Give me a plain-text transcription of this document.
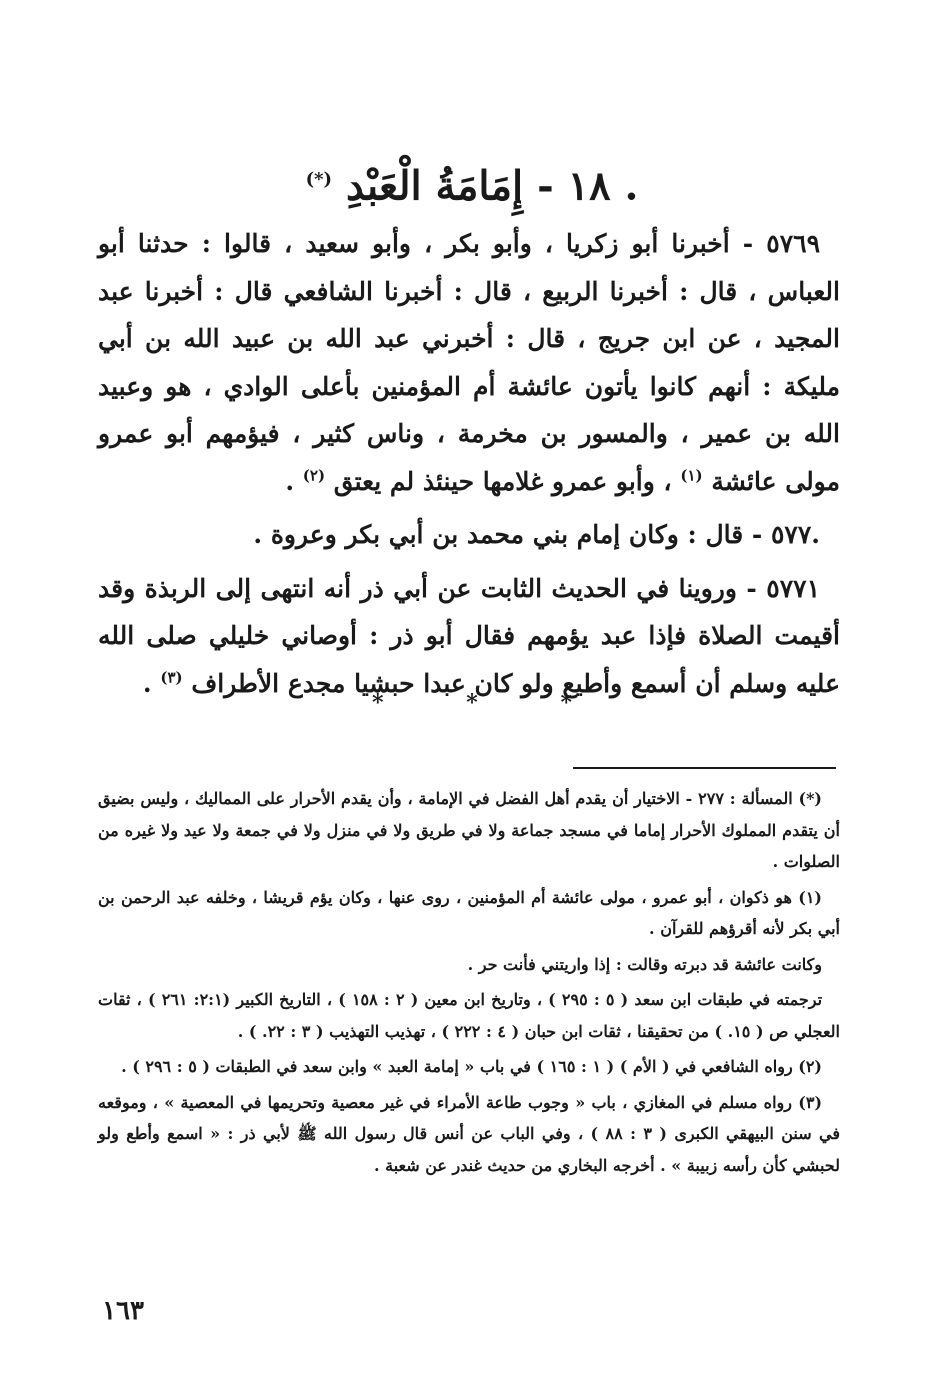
. ١٨ - إِمَامَةُ الْعَبْدِ (*)

٥٧٦٩ - أخبرنا أبو زكريا ، وأبو بكر ، وأبو سعيد ، قالوا : حدثنا أبو العباس ، قال : أخبرنا الربيع ، قال : أخبرنا الشافعي قال : أخبرنا عبد المجيد ، عن ابن جريج ، قال : أخبرني عبد الله بن عبيد الله بن أبي مليكة : أنهم كانوا يأتون عائشة أم المؤمنين بأعلى الوادي ، هو وعبيد الله بن عمير ، والمسور بن مخرمة ، وناس كثير ، فيؤمهم أبو عمرو مولى عائشة $^{(١)}$ ، وأبو عمرو غلامها حينئذ لم يعتق $^{(٢)}$ .

.٥٧٧ - قال : وكان إمام بني محمد بن أبي بكر وعروة .

٥٧٧١ - وروينا في الحديث الثابت عن أبي ذر أنه انتهى إلى الربذة وقد أقيمت الصلاة فإذا عبد يؤمهم فقال أبو ذر : أوصاني خليلي صلى الله عليه وسلم أن أسمع وأطيع ولو كان عبدا حبشيا مجدع الأطراف $^{(٣)}$ .

*	*	*

(*) المسألة : ٢٧٧ - الاختيار أن يقدم أهل الفضل في الإمامة ، وأن يقدم الأحرار على المماليك ، وليس بضيق أن يتقدم المملوك الأحرار إماما في مسجد جماعة ولا في طريق ولا في منزل ولا في جمعة ولا عيد ولا غيره من الصلوات .

(١) هو ذكوان ، أبو عمرو ، مولى عائشة أم المؤمنين ، روى عنها ، وكان يؤم قريشا ، وخلفه عبد الرحمن بن أبي بكر لأنه أقرؤهم للقرآن .

وكانت عائشة قد دبرته وقالت : إذا واريتني فأنت حر .

ترجمته في طبقات ابن سعد ( ٥ : ٢٩٥ ) ، وتاريخ ابن معين ( ٢ : ١٥٨ ) ، التاريخ الكبير (٢:١: ٢٦١ ) ، ثقات العجلي ص ( ١٥. ) من تحقيقنا ، ثقات ابن حبان ( ٤ : ٢٢٢ ) ، تهذيب التهذيب ( ٣ : ٢٢. ) .

(٢) رواه الشافعي في ( الأم ) ( ١ : ١٦٥ ) في باب « إمامة العبد » وابن سعد في الطبقات ( ٥ : ٢٩٦ ) .

(٣) رواه مسلم في المغازي ، باب « وجوب طاعة الأمراء في غير معصية وتحريمها في المعصية » ، وموقعه في سنن البيهقي الكبرى ( ٣ : ٨٨ ) ، وفي الباب عن أنس قال رسول الله ﷺ لأبي ذر : « اسمع وأطع ولو لحبشي كأن رأسه زبيبة » . أخرجه البخاري من حديث غندر عن شعبة .

١٦٣
